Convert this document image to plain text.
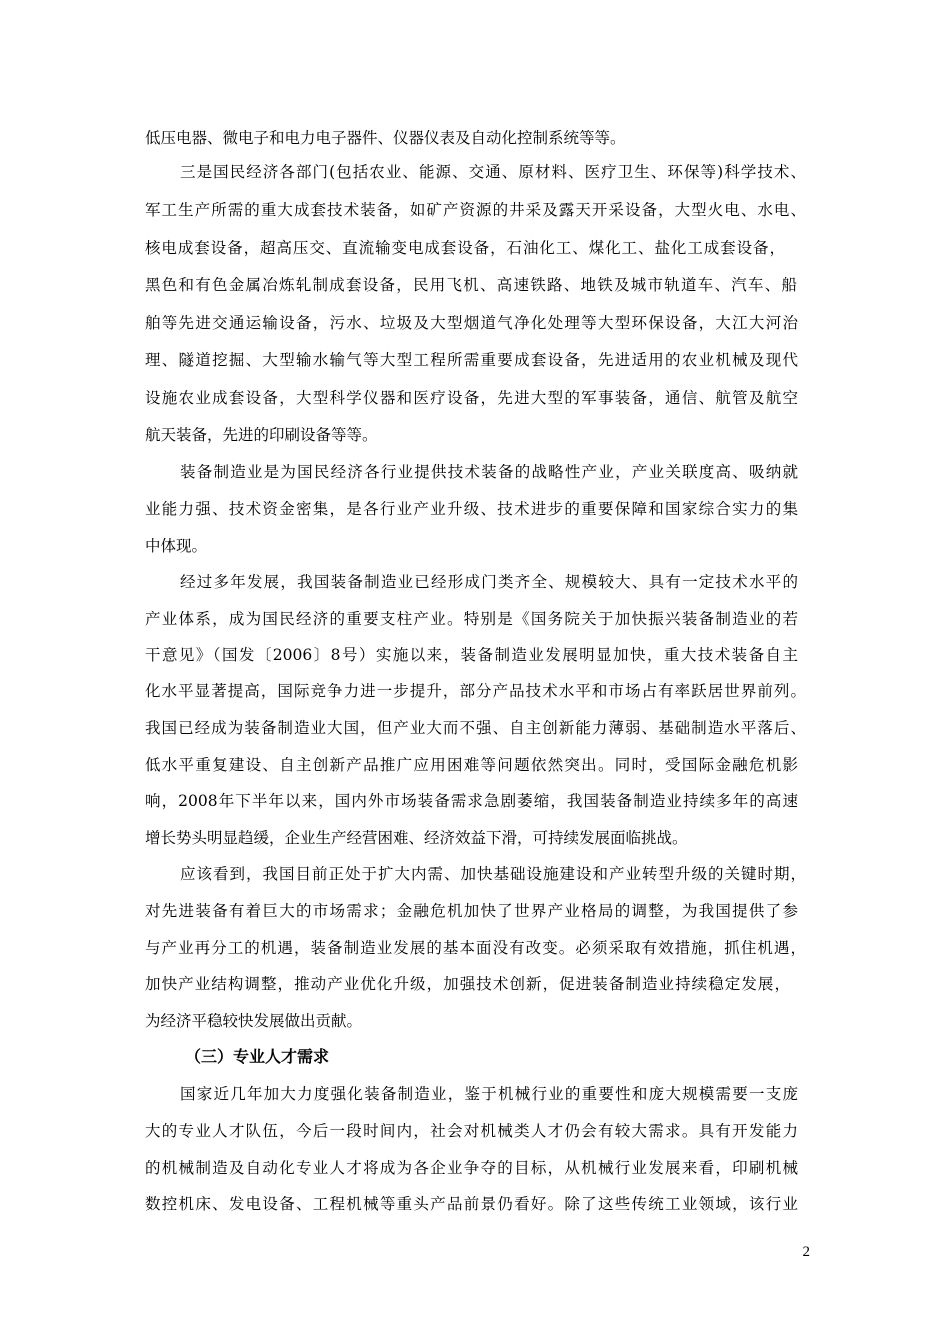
低压电器、微电子和电力电子器件、仪器仪表及自动化控制系统等等。
三是国民经济各部门(包括农业、能源、交通、原材料、医疗卫生、环保等)科学技术、
军工生产所需的重大成套技术装备，如矿产资源的井采及露天开采设备，大型火电、水电、
核电成套设备，超高压交、直流输变电成套设备，石油化工、煤化工、盐化工成套设备，
黑色和有色金属冶炼轧制成套设备，民用飞机、高速铁路、地铁及城市轨道车、汽车、船
舶等先进交通运输设备，污水、垃圾及大型烟道气净化处理等大型环保设备，大江大河治
理、隧道挖掘、大型输水输气等大型工程所需重要成套设备，先进适用的农业机械及现代
设施农业成套设备，大型科学仪器和医疗设备，先进大型的军事装备，通信、航管及航空
航天装备，先进的印刷设备等等。
装备制造业是为国民经济各行业提供技术装备的战略性产业，产业关联度高、吸纳就
业能力强、技术资金密集，是各行业产业升级、技术进步的重要保障和国家综合实力的集
中体现。
经过多年发展，我国装备制造业已经形成门类齐全、规模较大、具有一定技术水平的
产业体系，成为国民经济的重要支柱产业。特别是《国务院关于加快振兴装备制造业的若
干意见》（国发〔2006〕8号）实施以来，装备制造业发展明显加快，重大技术装备自主
化水平显著提高，国际竞争力进一步提升，部分产品技术水平和市场占有率跃居世界前列。
我国已经成为装备制造业大国，但产业大而不强、自主创新能力薄弱、基础制造水平落后、
低水平重复建设、自主创新产品推广应用困难等问题依然突出。同时，受国际金融危机影
响，2008年下半年以来，国内外市场装备需求急剧萎缩，我国装备制造业持续多年的高速
增长势头明显趋缓，企业生产经营困难、经济效益下滑，可持续发展面临挑战。
应该看到，我国目前正处于扩大内需、加快基础设施建设和产业转型升级的关键时期，
对先进装备有着巨大的市场需求；金融危机加快了世界产业格局的调整，为我国提供了参
与产业再分工的机遇，装备制造业发展的基本面没有改变。必须采取有效措施，抓住机遇，
加快产业结构调整，推动产业优化升级，加强技术创新，促进装备制造业持续稳定发展，
为经济平稳较快发展做出贡献。
（三）专业人才需求
国家近几年加大力度强化装备制造业，鉴于机械行业的重要性和庞大规模需要一支庞
大的专业人才队伍，今后一段时间内，社会对机械类人才仍会有较大需求。具有开发能力
的机械制造及自动化专业人才将成为各企业争夺的目标，从机械行业发展来看，印刷机械
数控机床、发电设备、工程机械等重头产品前景仍看好。除了这些传统工业领域，该行业
2
